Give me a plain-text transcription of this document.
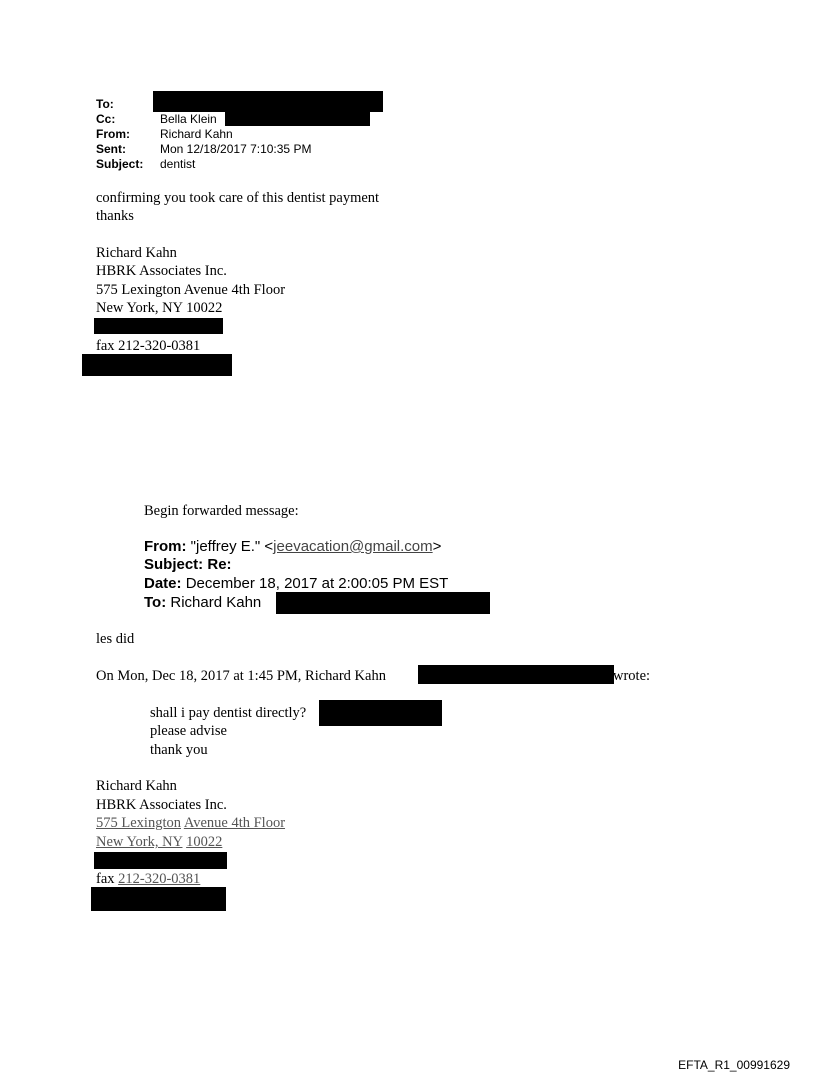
To:
Cc:	Bella Klein
From:	Richard Kahn
Sent:	Mon 12/18/2017 7:10:35 PM
Subject: dentist
confirming you took care of this dentist payment
thanks
Richard Kahn
HBRK Associates Inc.
575 Lexington Avenue 4th Floor
New York, NY 10022
fax 212-320-0381
Begin forwarded message:
From: "jeffrey E." <jeevacation@gmail.com>
Subject: Re:
Date: December 18, 2017 at 2:00:05 PM EST
To: Richard Kahn
les did
On Mon, Dec 18, 2017 at 1:45 PM, Richard Kahn	wrote:
shall i pay dentist directly?
please advise
thank you
Richard Kahn
HBRK Associates Inc.
575 Lexington Avenue 4th Floor
New York, NY 10022
fax 212-320-0381
EFTA_R1_00991629
